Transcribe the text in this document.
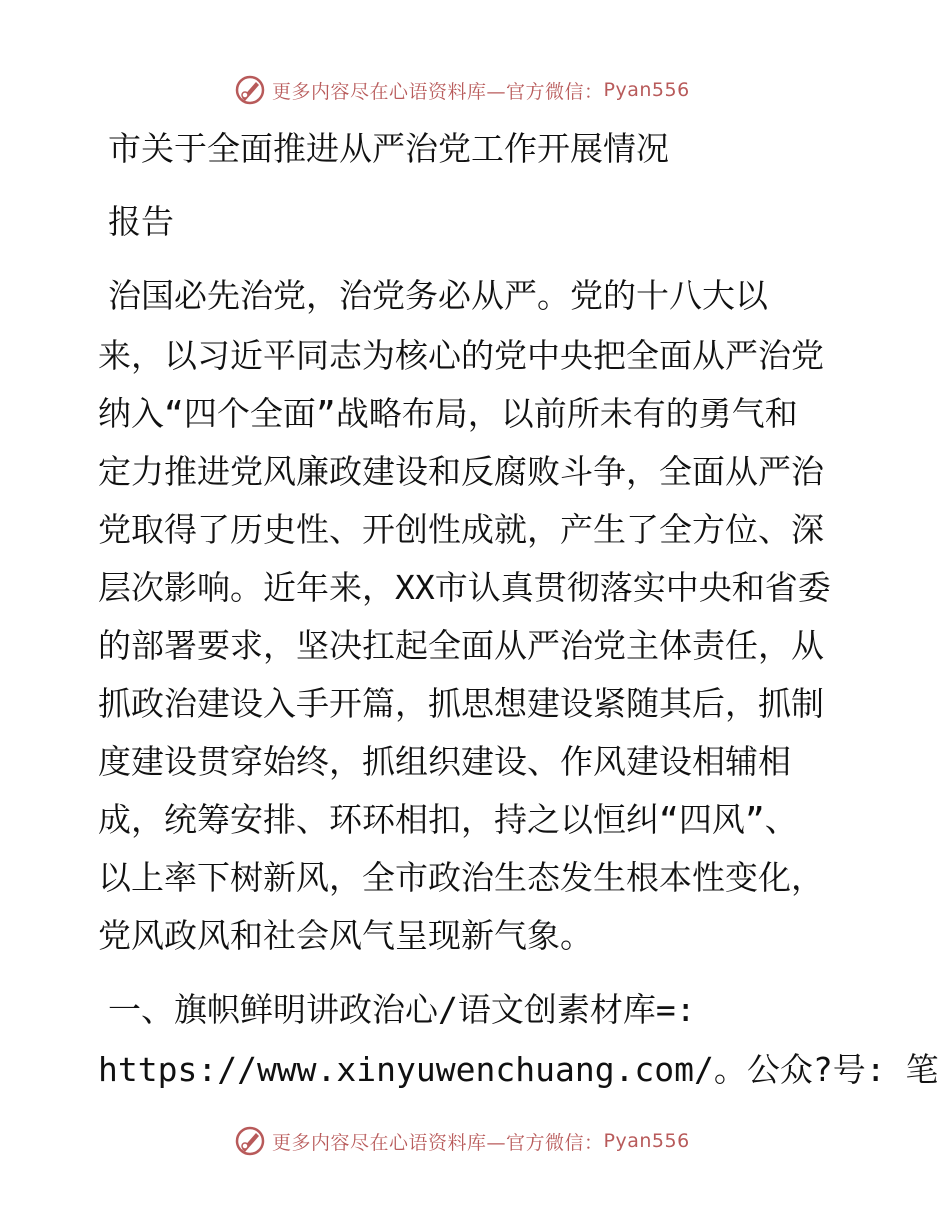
更多内容尽在心语资料库—官方微信： Pyan556
市关于全面推进从严治党工作开展情况
报告
治国必先治党，治党务必从严。党的十八大以
来，以习近平同志为核心的党中央把全面从严治党
纳入“四个全面”战略布局，以前所未有的勇气和
定力推进党风廉政建设和反腐败斗争，全面从严治
党取得了历史性、开创性成就，产生了全方位、深
层次影响。近年来，XX市认真贯彻落实中央和省委
的部署要求，坚决扛起全面从严治党主体责任，从
抓政治建设入手开篇，抓思想建设紧随其后，抓制
度建设贯穿始终，抓组织建设、作风建设相辅相
成，统筹安排、环环相扣，持之以恒纠“四风”、
以上率下树新风，全市政治生态发生根本性变化，
党风政风和社会风气呈现新气象。
一、旗帜鲜明讲政治心/语文创素材库=:
https://www.xinyuwenchuang.com/。公众?号: 笔
更多内容尽在心语资料库—官方微信： Pyan556
